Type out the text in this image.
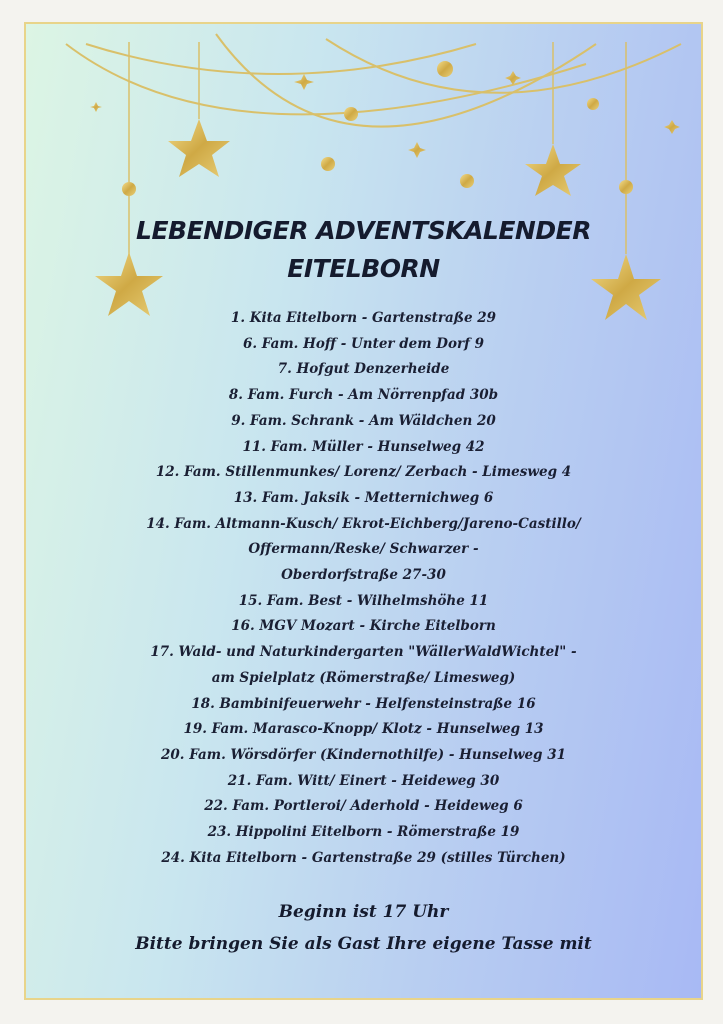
LEBENDIGER ADVENTSKALENDER
EITELBORN
1. Kita Eitelborn - Gartenstraße 29
6. Fam. Hoff - Unter dem Dorf 9
7. Hofgut Denzerheide
8. Fam. Furch - Am Nörrenpfad 30b
9. Fam. Schrank - Am Wäldchen 20
11. Fam. Müller - Hunselweg 42
12. Fam. Stillenmunkes/ Lorenz/ Zerbach - Limesweg 4
13. Fam. Jaksik - Metternichweg 6
14. Fam. Altmann-Kusch/ Ekrot-Eichberg/Jareno-Castillo/
Offermann/Reske/ Schwarzer -
Oberdorfstraße 27-30
15. Fam. Best - Wilhelmshöhe 11
16. MGV Mozart - Kirche Eitelborn
17. Wald- und Naturkindergarten "WällerWaldWichtel" -
am Spielplatz (Römerstraße/ Limesweg)
18. Bambinifeuerwehr - Helfensteinstraße 16
19. Fam. Marasco-Knopp/ Klotz - Hunselweg 13
20. Fam. Wörsdörfer (Kindernothilfe) - Hunselweg 31
21. Fam. Witt/ Einert - Heideweg 30
22. Fam. Portleroi/ Aderhold - Heideweg 6
23. Hippolini Eitelborn - Römerstraße 19
24. Kita Eitelborn - Gartenstraße 29 (stilles Türchen)
Beginn ist 17 Uhr
Bitte bringen Sie als Gast Ihre eigene Tasse mit
